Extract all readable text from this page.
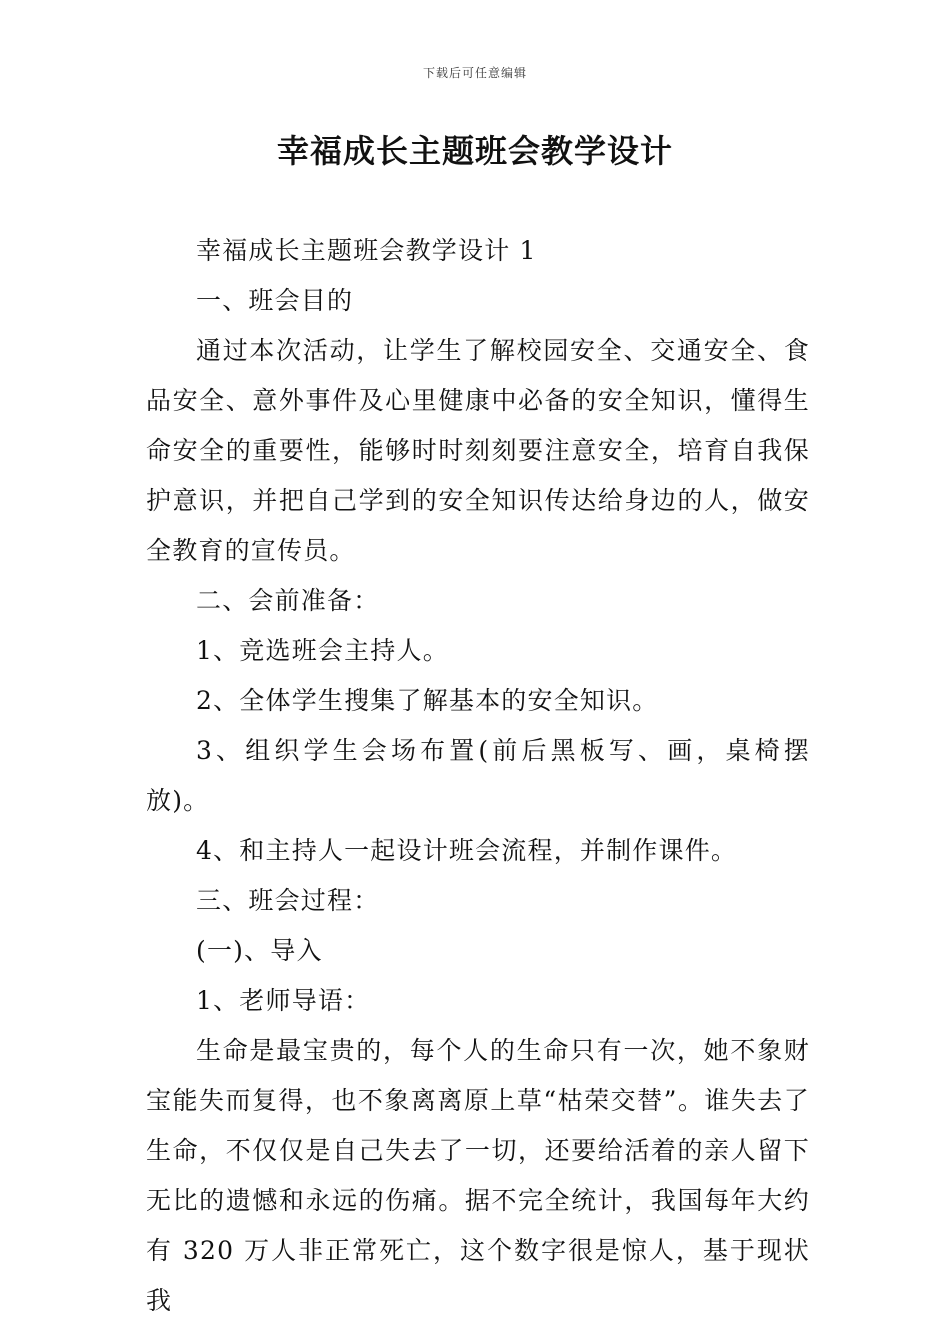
下载后可任意编辑
幸福成长主题班会教学设计

幸福成长主题班会教学设计 1

一、班会目的

通过本次活动，让学生了解校园安全、交通安全、食品安全、意外事件及心里健康中必备的安全知识，懂得生命安全的重要性，能够时时刻刻要注意安全，培育自我保护意识，并把自己学到的安全知识传达给身边的人，做安全教育的宣传员。

二、会前准备：

1、竞选班会主持人。

2、全体学生搜集了解基本的安全知识。

3、组织学生会场布置(前后黑板写、画，桌椅摆放)。

4、和主持人一起设计班会流程，并制作课件。

三、班会过程：

(一)、导入

1、老师导语：

生命是最宝贵的，每个人的生命只有一次，她不象财宝能失而复得，也不象离离原上草“枯荣交替”。谁失去了生命，不仅仅是自己失去了一切，还要给活着的亲人留下无比的遗憾和永远的伤痛。据不完全统计，我国每年大约有 320 万人非正常死亡，这个数字很是惊人，基于现状我
